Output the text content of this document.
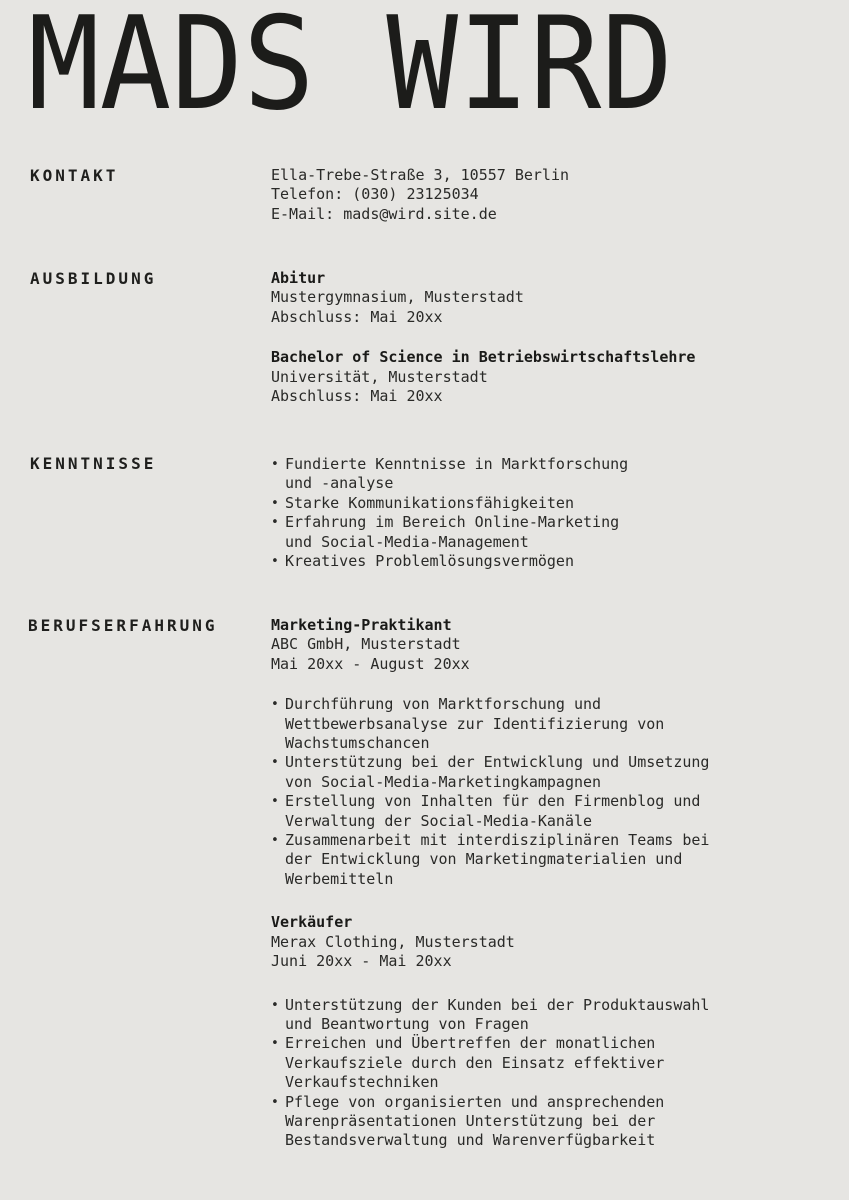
MADS WIRD
KONTAKT	Ella-Trebe-Straße 3, 10557 Berlin
Telefon: (030) 23125034
E-Mail: mads@wird.site.de
AUSBILDUNG	Abitur
Mustergymnasium, Musterstadt
Abschluss: Mai 20xx
Bachelor of Science in Betriebswirtschaftslehre
Universität, Musterstadt
Abschluss: Mai 20xx
KENNTNISSE
•	Fundierte Kenntnisse in Marktforschung
und -analyse
• Starke Kommunikationsfähigkeiten
• Erfahrung im Bereich Online-Marketing
und Social-Media-Management
• Kreatives Problemlösungsvermögen
BERUFSERFAHRUNG	Marketing-Praktikant
ABC GmbH, Musterstadt
Mai 20xx - August 20xx
• Durchführung von Marktforschung und
Wettbewerbsanalyse zur Identifizierung von
Wachstumschancen
• Unterstützung bei der Entwicklung und Umsetzung
von Social-Media-Marketingkampagnen
• Erstellung von Inhalten für den Firmenblog und
Verwaltung der Social-Media-Kanäle
• Zusammenarbeit mit interdisziplinären Teams bei
der Entwicklung von Marketingmaterialien und
Werbemitteln
Verkäufer
Merax Clothing, Musterstadt
Juni 20xx - Mai 20xx
• Unterstützung der Kunden bei der Produktauswahl
und Beantwortung von Fragen
• Erreichen und Übertreffen der monatlichen
Verkaufsziele durch den Einsatz effektiver
Verkaufstechniken
• Pflege von organisierten und ansprechenden
Warenpräsentationen Unterstützung bei der
Bestandsverwaltung und Warenverfügbarkeit
